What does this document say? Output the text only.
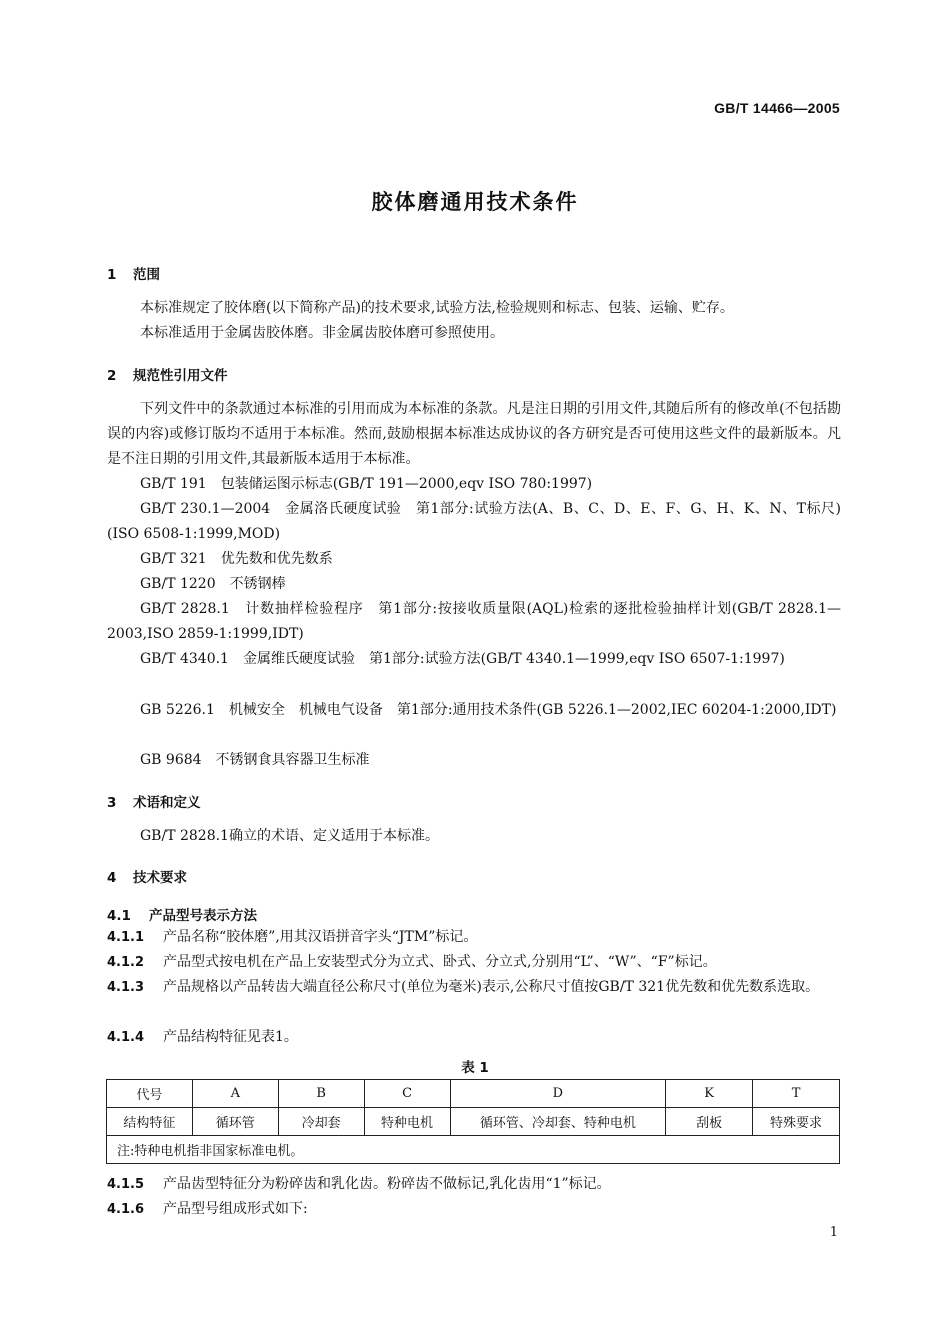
GB/T 14466—2005
胶体磨通用技术条件
1 范围
本标准规定了胶体磨(以下简称产品)的技术要求,试验方法,检验规则和标志、包装、运输、贮存。
本标准适用于金属齿胶体磨。非金属齿胶体磨可参照使用。
2 规范性引用文件
下列文件中的条款通过本标准的引用而成为本标准的条款。凡是注日期的引用文件,其随后所有的修改单(不包括勘误的内容)或修订版均不适用于本标准。然而,鼓励根据本标准达成协议的各方研究是否可使用这些文件的最新版本。凡是不注日期的引用文件,其最新版本适用于本标准。
GB/T 191　包装储运图示标志(GB/T 191—2000,eqv ISO 780:1997)
GB/T 230.1—2004　金属洛氏硬度试验　第1部分:试验方法(A、B、C、D、E、F、G、H、K、N、T标尺)(ISO 6508-1:1999,MOD)
GB/T 321　优先数和优先数系
GB/T 1220　不锈钢棒
GB/T 2828.1　计数抽样检验程序　第1部分:按接收质量限(AQL)检索的逐批检验抽样计划(GB/T 2828.1—2003,ISO 2859-1:1999,IDT)
GB/T 4340.1　金属维氏硬度试验　第1部分:试验方法(GB/T 4340.1—1999,eqv ISO 6507-1:1997)
GB 5226.1　机械安全　机械电气设备　第1部分:通用技术条件(GB 5226.1—2002,IEC 60204-1:2000,IDT)
GB 9684　不锈钢食具容器卫生标准
3 术语和定义
GB/T 2828.1确立的术语、定义适用于本标准。
4 技术要求
4.1 产品型号表示方法
4.1.1 产品名称“胶体磨”,用其汉语拼音字头“JTM”标记。
4.1.2 产品型式按电机在产品上安装型式分为立式、卧式、分立式,分别用“L”、“W”、“F”标记。
4.1.3 产品规格以产品转齿大端直径公称尺寸(单位为毫米)表示,公称尺寸值按GB/T 321优先数和优先数系选取。
4.1.4 产品结构特征见表1。
表 1
代号	A	B	C	D	K	T
结构特征	循环管	冷却套	特种电机	循环管、冷却套、特种电机	刮板	特殊要求
注:特种电机指非国家标准电机。						
4.1.5 产品齿型特征分为粉碎齿和乳化齿。粉碎齿不做标记,乳化齿用“1”标记。
4.1.6 产品型号组成形式如下:
1
